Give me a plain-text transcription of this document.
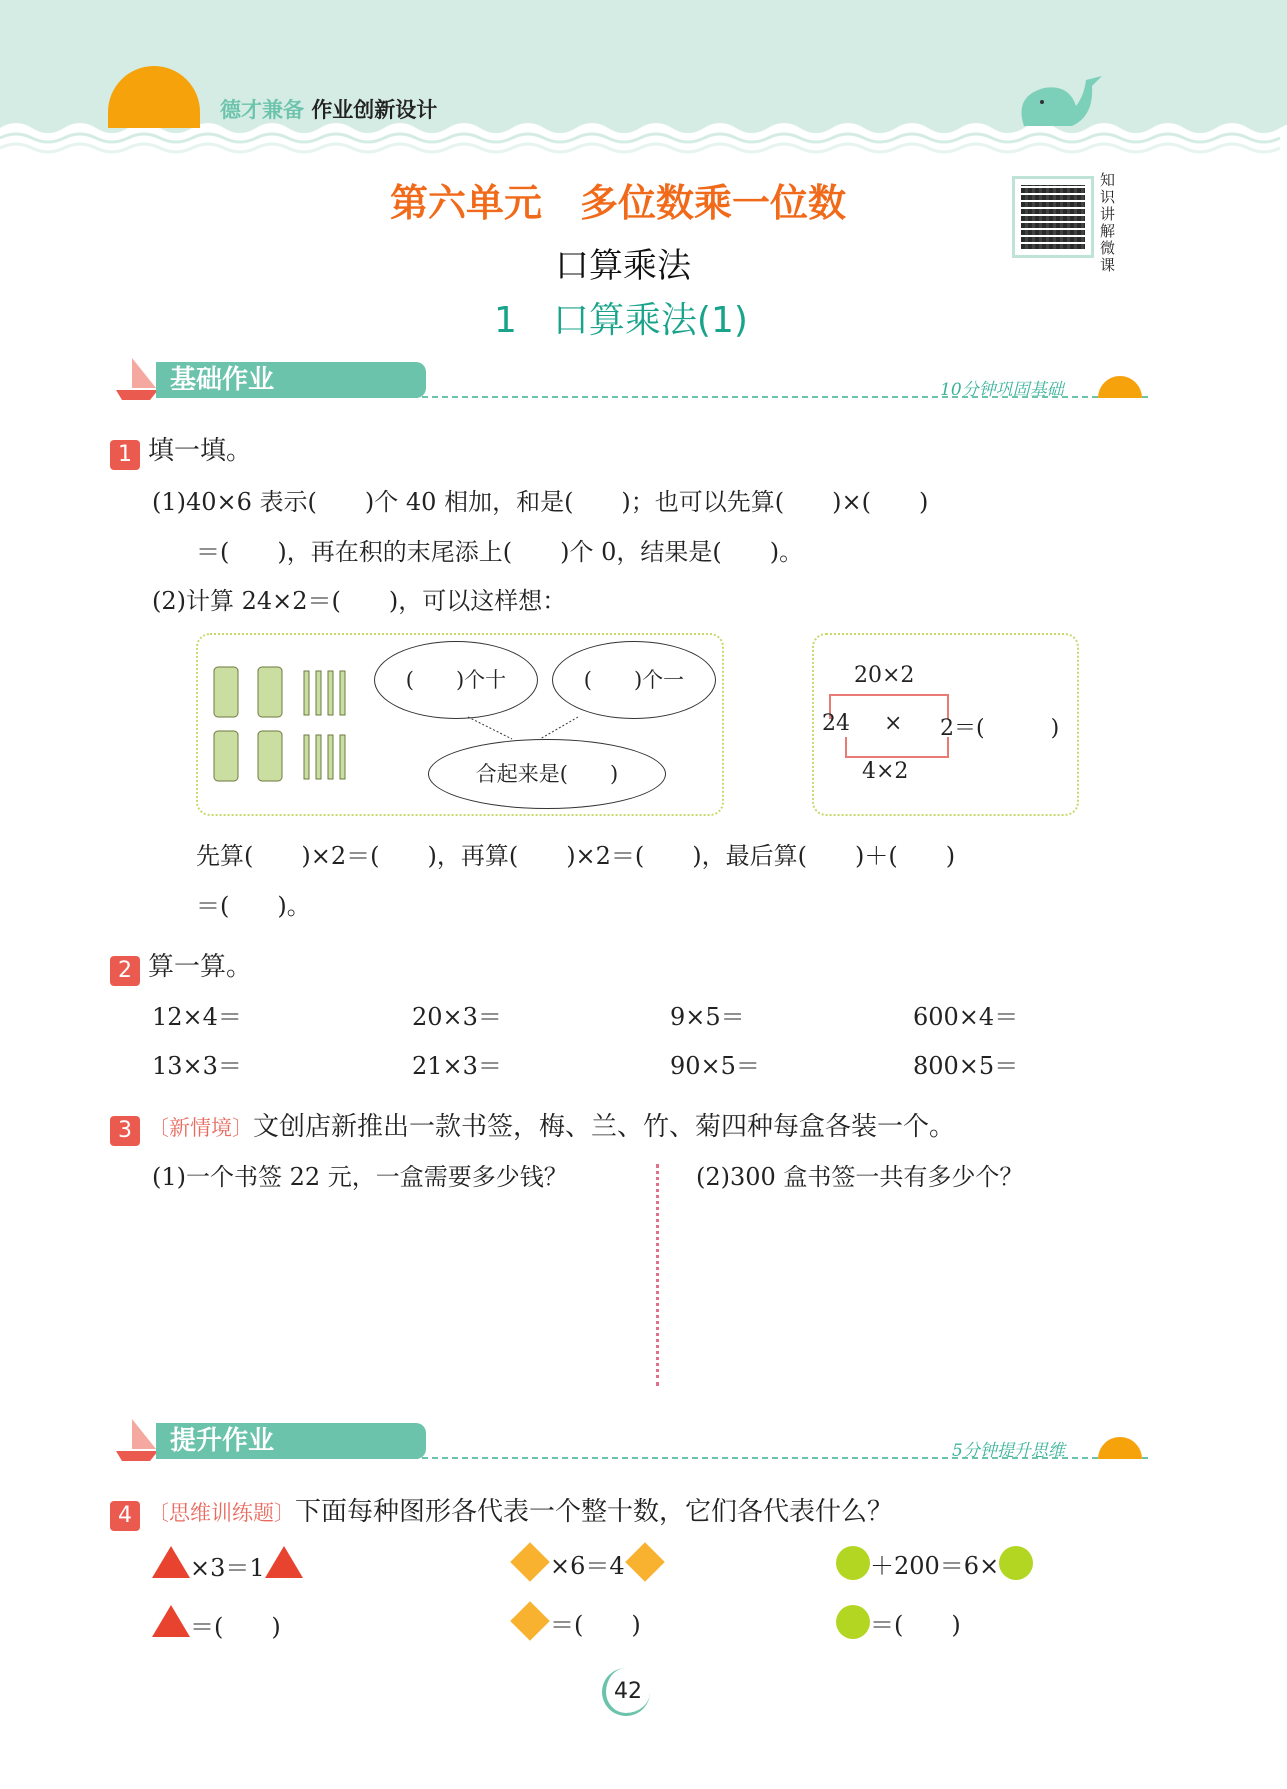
德才兼备 作业创新设计
第六单元　多位数乘一位数
口算乘法
1　口算乘法(1)
知识讲解微课
基础作业	10分钟巩固基础
1 填一填。
(1)40×6 表示(　　)个 40 相加，和是(　　)；也可以先算(　　)×(　　)
＝(　　)，再在积的末尾添上(　　)个 0，结果是(　　)。
(2)计算 24×2＝(　　)，可以这样想：
(　　)个十	(　　)个一
合起来是(　　)
20×2
24 × 2＝(　　　)
4×2
先算(　　)×2＝(　　)，再算(　　)×2＝(　　)，最后算(　　)＋(　　)
＝(　　)。
2 算一算。
12×4＝	20×3＝	9×5＝	600×4＝
13×3＝	21×3＝	90×5＝	800×5＝
3 〔新情境〕文创店新推出一款书签，梅、兰、竹、菊四种每盒各装一个。
(1)一个书签 22 元，一盒需要多少钱？	(2)300 盒书签一共有多少个？
提升作业	5分钟提升思维
4 〔思维训练题〕下面每种图形各代表一个整十数，它们各代表什么？
×3＝1	×6＝4	＋200＝6×
＝(　　)	＝(　　)	＝(　　)
42
